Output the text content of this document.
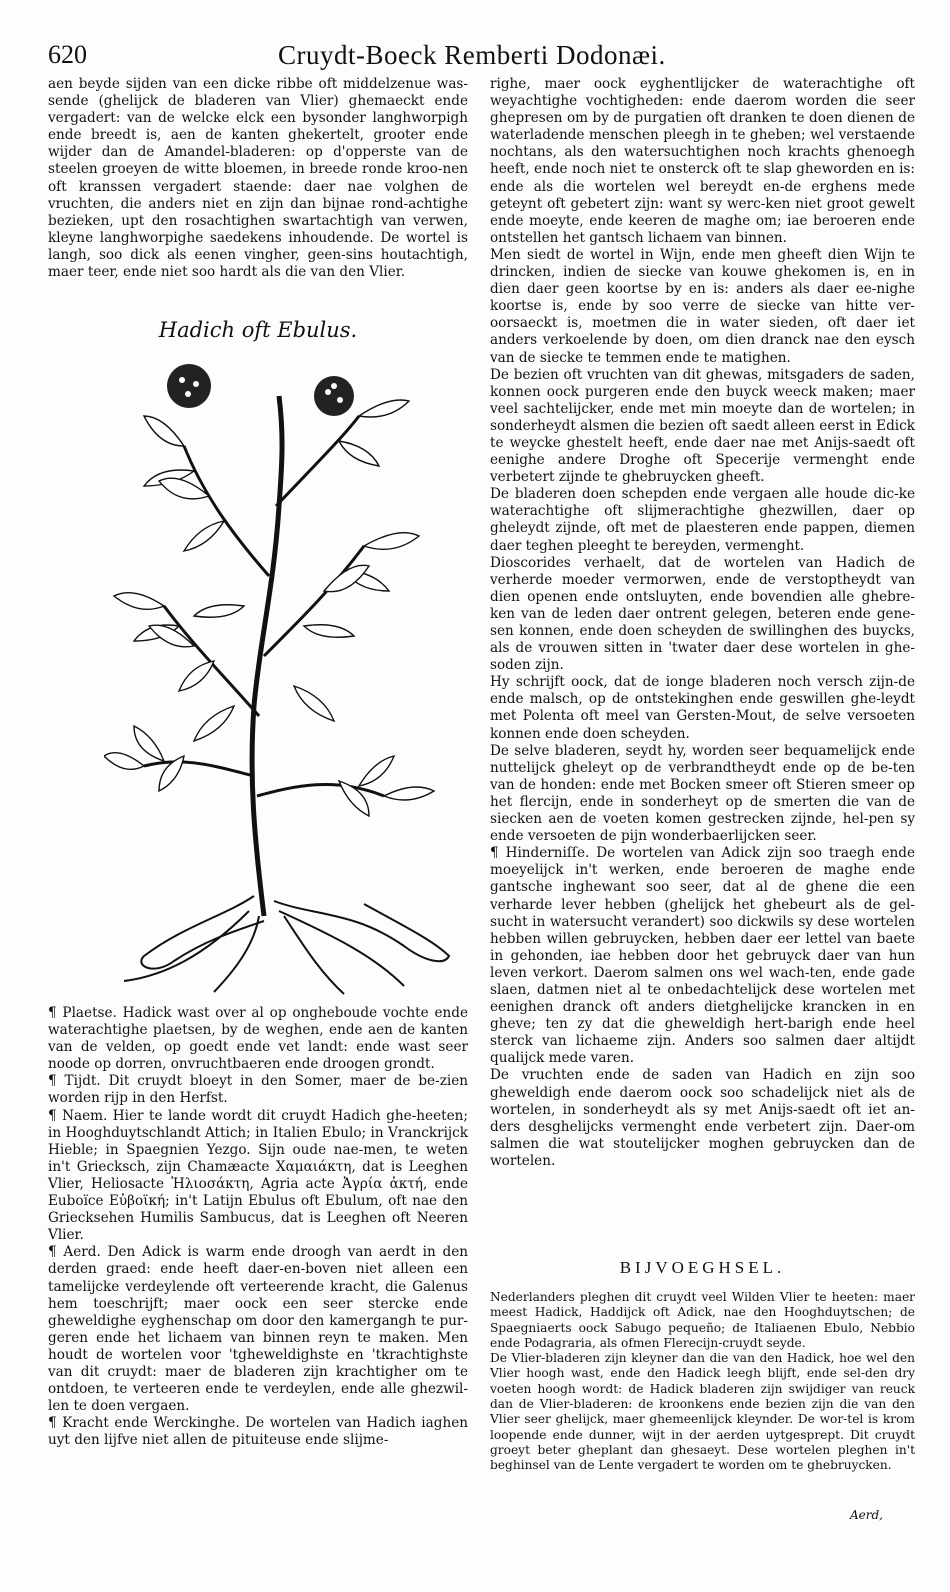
620	Cruydt-Boeck Remberti Dodonæi.

aen beyde sijden van een dicke ribbe oft middelzenue was-sende (ghelijck de bladeren van Vlier) ghemaeckt ende vergadert: van de welcke elck een bysonder langhworpigh ende breedt is, aen de kanten ghekertelt, grooter ende wijder dan de Amandel-bladeren: op d'opperste van de steelen groeyen de witte bloemen, in breede ronde kroo-nen oft kranssen vergadert staende: daer nae volghen de vruchten, die anders niet en zijn dan bijnae rond-achtighe bezieken, upt den rosachtighen swartachtigh van verwen, kleyne langhworpighe saedekens inhoudende. De wortel is langh, soo dick als eenen vingher, geen-sins houtachtigh, maer teer, ende niet soo hardt als die van den Vlier.

Hadich oft Ebulus.

¶ Plaetse. Hadick wast over al op ongheboude vochte ende waterachtighe plaetsen, by de weghen, ende aen de kanten van de velden, op goedt ende vet landt: ende wast seer noode op dorren, onvruchtbaeren ende droogen grondt.

¶ Tijdt. Dit cruydt bloeyt in den Somer, maer de be-zien worden rijp in den Herfst.

¶ Naem. Hier te lande wordt dit cruydt Hadich ghe-heeten; in Hooghduytschlandt Attich; in Italien Ebulo; in Vranckrijck Hieble; in Spaegnien Yezgo. Sijn oude nae-men, te weten in't Griecksch, zijn Chamæacte Χαμαιάκτη, dat is Leeghen Vlier, Heliosacte Ἡλιοσάκτη, Agria acte Ἀγρία ἀκτή, ende Euboïce Εὐβοϊκή; in't Latijn Ebulus oft Ebulum, oft nae den Griecksehen Humilis Sambucus, dat is Leeghen oft Neeren Vlier.

¶ Aerd. Den Adick is warm ende droogh van aerdt in den derden graed: ende heeft daer-en-boven niet alleen een tamelijcke verdeylende oft verteerende kracht, die Galenus hem toeschrijft; maer oock een seer stercke ende gheweldighe eyghenschap om door den kamergangh te pur-geren ende het lichaem van binnen reyn te maken. Men houdt de wortelen voor 'tgheweldighste en 'tkrachtighste van dit cruydt: maer de bladeren zijn krachtigher om te ontdoen, te verteeren ende te verdeylen, ende alle ghezwil-len te doen vergaen.

¶ Kracht ende Werckinghe. De wortelen van Hadich iaghen uyt den lijfve niet allen de pituiteuse ende slijme-

righe, maer oock eyghentlijcker de waterachtighe oft weyachtighe vochtigheden: ende daerom worden die seer ghepresen om by de purgatien oft dranken te doen dienen de waterladende menschen pleegh in te gheben; wel verstaende nochtans, als den watersuchtighen noch krachts ghenoegh heeft, ende noch niet te onsterck oft te slap gheworden en is: ende als die wortelen wel bereydt en-de erghens mede geteynt oft gebetert zijn: want sy werc-ken niet groot gewelt ende moeyte, ende keeren de maghe om; iae beroeren ende ontstellen het gantsch lichaem van binnen.

Men siedt de wortel in Wijn, ende men gheeft dien Wijn te drincken, indien de siecke van kouwe ghekomen is, en in dien daer geen koortse by en is: anders als daer ee-nighe koortse is, ende by soo verre de siecke van hitte ver-oorsaeckt is, moetmen die in water sieden, oft daer iet anders verkoelende by doen, om dien dranck nae den eysch van de siecke te temmen ende te matighen.

De bezien oft vruchten van dit ghewas, mitsgaders de saden, konnen oock purgeren ende den buyck weeck maken; maer veel sachtelijcker, ende met min moeyte dan de wortelen; in sonderheydt alsmen die bezien oft saedt alleen eerst in Edick te weycke ghestelt heeft, ende daer nae met Anijs-saedt oft eenighe andere Droghe oft Specerije vermenght ende verbetert zijnde te ghebruycken gheeft.

De bladeren doen schepden ende vergaen alle houde dic-ke waterachtighe oft slijmerachtighe ghezwillen, daer op gheleydt zijnde, oft met de plaesteren ende pappen, diemen daer teghen pleeght te bereyden, vermenght.

Dioscorides verhaelt, dat de wortelen van Hadich de verherde moeder vermorwen, ende de verstoptheydt van dien openen ende ontsluyten, ende bovendien alle ghebre-ken van de leden daer ontrent gelegen, beteren ende gene-sen konnen, ende doen scheyden de swillinghen des buycks, als de vrouwen sitten in 'twater daer dese wortelen in ghe-soden zijn.

Hy schrijft oock, dat de ionge bladeren noch versch zijn-de ende malsch, op de ontstekinghen ende geswillen ghe-leydt met Polenta oft meel van Gersten-Mout, de selve versoeten konnen ende doen scheyden.

De selve bladeren, seydt hy, worden seer bequamelijck ende nuttelijck gheleyt op de verbrandtheydt ende op de be-ten van de honden: ende met Bocken smeer oft Stieren smeer op het flercijn, ende in sonderheyt op de smerten die van de siecken aen de voeten komen gestrecken zijnde, hel-pen sy ende versoeten de pijn wonderbaerlijcken seer.

¶ Hinderniſſe. De wortelen van Adick zijn soo traegh ende moeyelijck in't werken, ende beroeren de maghe ende gantsche inghewant soo seer, dat al de ghene die een verharde lever hebben (ghelijck het ghebeurt als de gel-sucht in watersucht verandert) soo dickwils sy dese wortelen hebben willen gebruycken, hebben daer eer lettel van baete in gehonden, iae hebben door het gebruyck daer van hun leven verkort. Daerom salmen ons wel wach-ten, ende gade slaen, datmen niet al te onbedachtelijck dese wortelen met eenighen dranck oft anders dietghelijcke krancken in en gheve; ten zy dat die gheweldigh hert-barigh ende heel sterck van lichaeme zijn. Anders soo salmen daer altijdt qualijck mede varen.

De vruchten ende de saden van Hadich en zijn soo gheweldigh ende daerom oock soo schadelijck niet als de wortelen, in sonderheydt als sy met Anijs-saedt oft iet an-ders desghelijcks vermenght ende verbetert zijn. Daer-om salmen die wat stoutelijcker moghen gebruycken dan de wortelen.

BIJVOEGHSEL.

Nederlanders pleghen dit cruydt veel Wilden Vlier te heeten: maer meest Hadick, Haddijck oft Adick, nae den Hooghduytschen; de Spaegniaerts oock Sabugo pequeño; de Italiaenen Ebulo, Nebbio ende Podagraria, als ofmen Flerecijn-cruydt seyde.

De Vlier-bladeren zijn kleyner dan die van den Hadick, hoe wel den Vlier hoogh wast, ende den Hadick leegh blijft, ende sel-den dry voeten hoogh wordt: de Hadick bladeren zijn swijdiger van reuck dan de Vlier-bladeren: de kroonkens ende bezien zijn die van den Vlier seer ghelijck, maer ghemeenlijck kleynder. De wor-tel is krom loopende ende dunner, wijt in der aerden uytgesprept. Dit cruydt groeyt beter gheplant dan ghesaeyt. Dese wortelen pleghen in't beghinsel van de Lente vergadert te worden om te ghebruycken.

Aerd,
